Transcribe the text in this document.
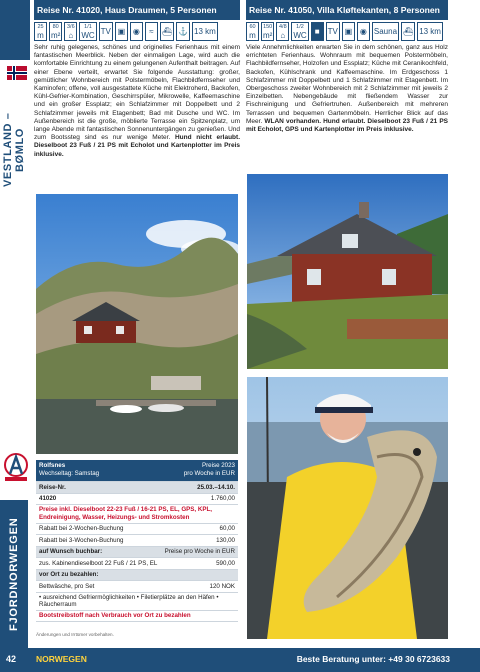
VESTLAND – BØMLO
FJORDNORWEGEN
Reise Nr. 41020, Haus Draumen, 5 Personen
25
m
80
m²
3/6
⌂
1/1
WC TV ▣ ◉ ≈ ⛴ ⚓ 13 km
Sehr ruhig gelegenes, schönes und originelles Ferienhaus mit einem fantastischen Meerblick. Neben der einmaligen Lage, wird auch die komfortable Einrichtung zu einem gelungenen Aufenthalt beitragen. Auf einer Ebene verteilt, erwartet Sie folgende Ausstattung: großer, gemütlicher Wohnbereich mit Polstermöbeln, Flachbildfernseher und Kaminofen; offene, voll ausgestattete Küche mit Elektroherd, Backofen, Kühl-Gefrier-Kombination, Geschirrspüler, Mikrowelle, Kaffeemaschine und ein großer Essplatz; ein Schlafzimmer mit Doppelbett und 2 Schlafzimmer jeweils mit Etagenbett; Bad mit Dusche und WC. Im Außenbereich ist die große, möblierte Terrasse ein Spitzenplatz, um lange Abende mit fantastischen Sonnenuntergängen zu genießen. Und zum Bootssteg sind es nur wenige Meter. Hund nicht erlaubt. Dieselboot 23 Fuß / 21 PS mit Echolot und Kartenplotter im Preis inklusive.
Reise Nr. 41050, Villa Kløftekanten, 8 Personen
60
m
150
m²
4/8
⌂
1/2
WC ■ TV ▣ ◉ Sauna ⛴ 13 km
Viele Annehmlichkeiten erwarten Sie in dem schönen, ganz aus Holz errichteten Ferienhaus. Wohnraum mit bequemen Polstermöbeln, Flachbildfernseher, Holzofen und Essplatz; Küche mit Ceranikochfeld, Backofen, Kühlschrank und Kaffeemaschine. Im Erdgeschoss 1 Schlafzimmer mit Doppelbett und 1 Schlafzimmer mit Etagenbett. Im Obergeschoss zweiter Wohnbereich mit 2 Schlafzimmer mit jeweils 2 Einzelbetten. Nebengebäude mit fließendem Wasser zur Fischreinigung und Gefriertruhen. Außenbereich mit mehreren Terrassen und bequemen Gartenmöbeln. Herrlicher Blick auf das Meer. WLAN vorhanden. Hund erlaubt. Dieselboot 23 Fuß / 21 PS mit Echolot, GPS und Kartenplotter im Preis inklusive.
Rolfsnes
Wechseltag: Samstag
Preise 2023
pro Woche in EUR
Reise-Nr.	25.03.–14.10.
41020	1.760,00
Preise inkl. Dieselboot 22-23 Fuß / 16-21 PS, EL, GPS, KPL, Endreinigung, Wasser, Heizungs- und Stromkosten
Rabatt bei 2-Wochen-Buchung	60,00
Rabatt bei 3-Wochen-Buchung	130,00
auf Wunsch buchbar:	Preise pro Woche in EUR
zus. Kabinendieselboot 22 Fuß / 21 PS, EL	590,00
vor Ort zu bezahlen:
Bettwäsche, pro Set	120 NOK
• ausreichend Gefriermöglichkeiten • Filetierplätze an den Häfen • Räucherraum
Bootstreibstoff nach Verbrauch vor Ort zu bezahlen
Änderungen und Irrtümer vorbehalten.
42 NORWEGEN	Beste Beratung unter: +49 30 6723633
